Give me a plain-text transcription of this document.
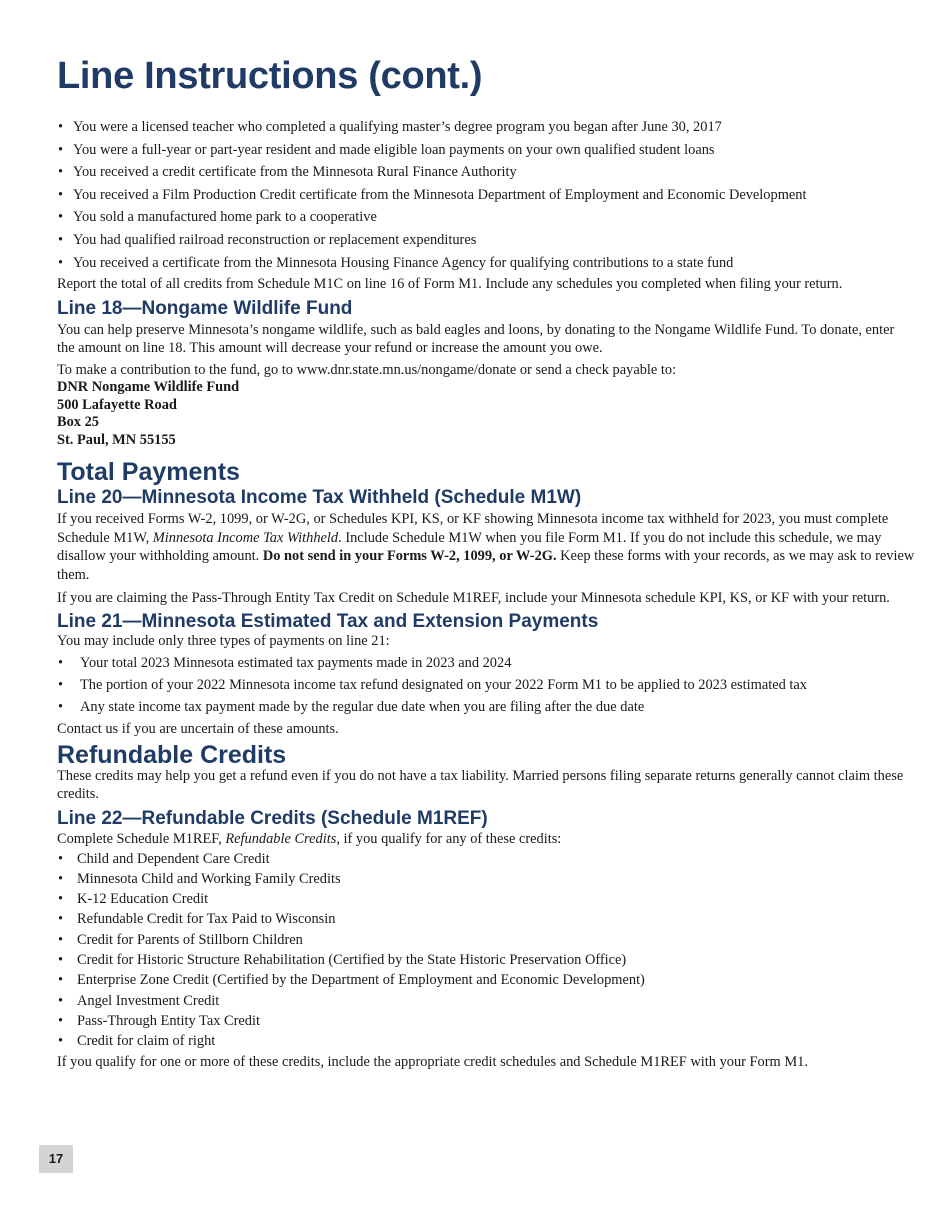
Line Instructions (cont.)
• You were a licensed teacher who completed a qualifying master’s degree program you began after June 30, 2017
• You were a full-year or part-year resident and made eligible loan payments on your own qualified student loans
• You received a credit certificate from the Minnesota Rural Finance Authority
• You received a Film Production Credit certificate from the Minnesota Department of Employment and Economic Development
• You sold a manufactured home park to a cooperative
• You had qualified railroad reconstruction or replacement expenditures
• You received a certificate from the Minnesota Housing Finance Agency for qualifying contributions to a state fund

Report the total of all credits from Schedule M1C on line 16 of Form M1. Include any schedules you completed when filing your return.

Line 18—Nongame Wildlife Fund

You can help preserve Minnesota’s nongame wildlife, such as bald eagles and loons, by donating to the Nongame Wildlife Fund. To donate, enter the amount on line 18. This amount will decrease your refund or increase the amount you owe.

To make a contribution to the fund, go to www.dnr.state.mn.us/nongame/donate or send a check payable to:

DNR Nongame Wildlife Fund
500 Lafayette Road
Box 25
St. Paul, MN 55155
Total Payments
Line 20—Minnesota Income Tax Withheld (Schedule M1W)

If you received Forms W-2, 1099, or W-2G, or Schedules KPI, KS, or KF showing Minnesota income tax withheld for 2023, you must complete Schedule M1W, Minnesota Income Tax Withheld. Include Schedule M1W when you file Form M1. If you do not include this schedule, we may disallow your withholding amount. Do not send in your Forms W-2, 1099, or W-2G. Keep these forms with your records, as we may ask to review them.

If you are claiming the Pass-Through Entity Tax Credit on Schedule M1REF, include your Minnesota schedule KPI, KS, or KF with your return.

Line 21—Minnesota Estimated Tax and Extension Payments

You may include only three types of payments on line 21:

• Your total 2023 Minnesota estimated tax payments made in 2023 and 2024
• The portion of your 2022 Minnesota income tax refund designated on your 2022 Form M1 to be applied to 2023 estimated tax
• Any state income tax payment made by the regular due date when you are filing after the due date

Contact us if you are uncertain of these amounts.

Refundable Credits

These credits may help you get a refund even if you do not have a tax liability. Married persons filing separate returns generally cannot claim these credits.

Line 22—Refundable Credits (Schedule M1REF)

Complete Schedule M1REF, Refundable Credits, if you qualify for any of these credits:

• Child and Dependent Care Credit
• Minnesota Child and Working Family Credits
• K-12 Education Credit
• Refundable Credit for Tax Paid to Wisconsin
• Credit for Parents of Stillborn Children
• Credit for Historic Structure Rehabilitation (Certified by the State Historic Preservation Office)
• Enterprise Zone Credit (Certified by the Department of Employment and Economic Development)
• Angel Investment Credit
• Pass-Through Entity Tax Credit
• Credit for claim of right

If you qualify for one or more of these credits, include the appropriate credit schedules and Schedule M1REF with your Form M1.

17
